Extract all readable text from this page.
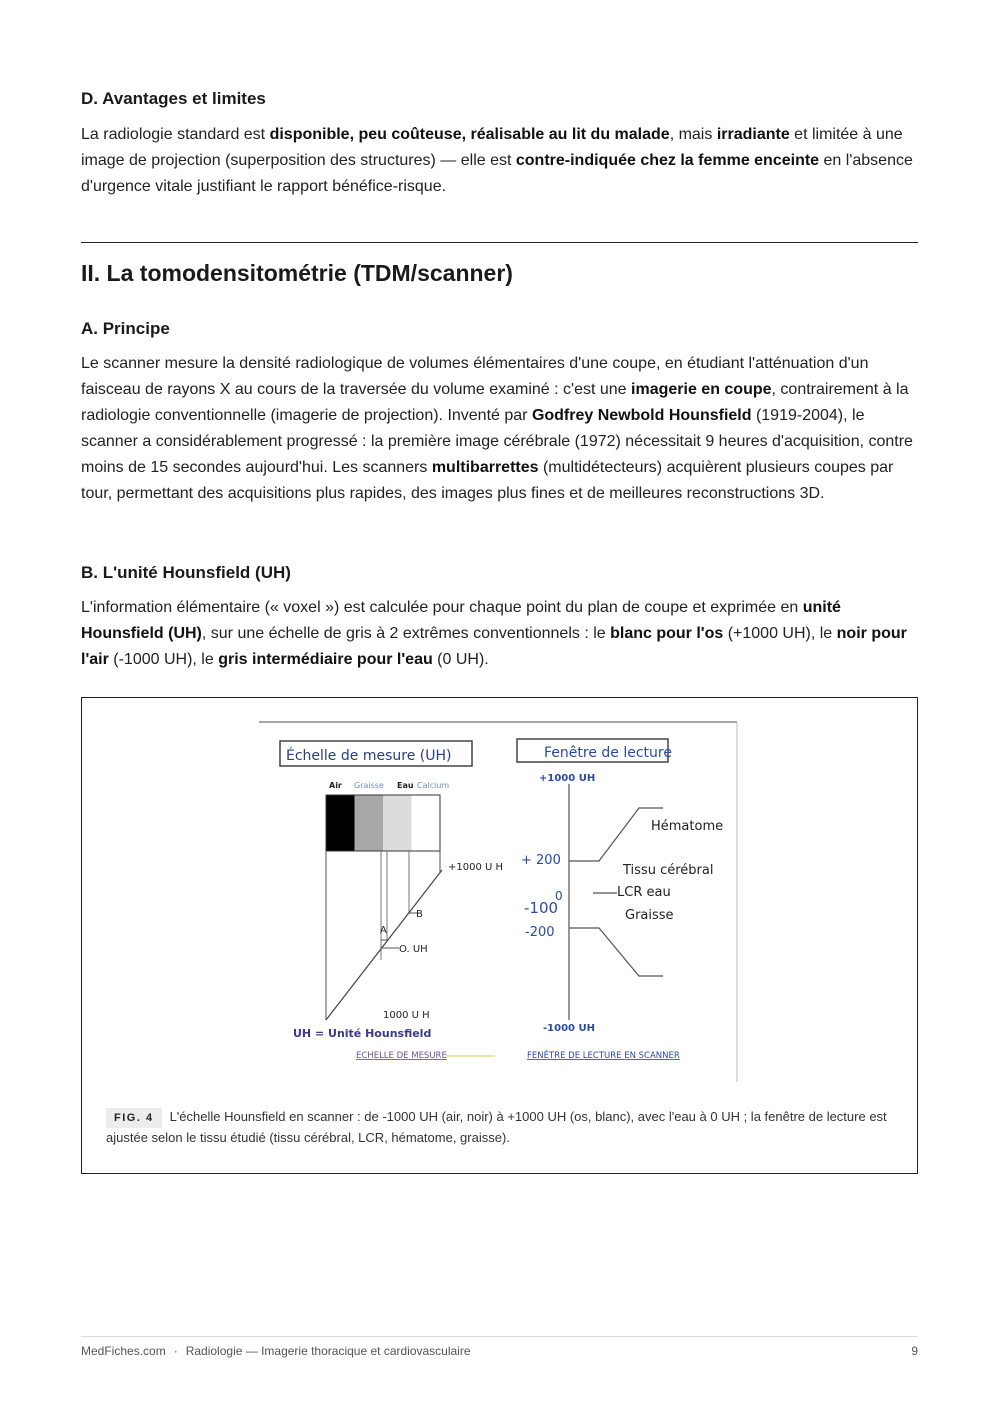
D. Avantages et limites

La radiologie standard est disponible, peu coûteuse, réalisable au lit du malade, mais irradiante et limitée à une image de projection (superposition des structures) — elle est contre-indiquée chez la femme enceinte en l'absence d'urgence vitale justifiant le rapport bénéfice-risque.

II. La tomodensitométrie (TDM/scanner)
A. Principe

Le scanner mesure la densité radiologique de volumes élémentaires d'une coupe, en étudiant l'atténuation d'un faisceau de rayons X au cours de la traversée du volume examiné : c'est une imagerie en coupe, contrairement à la radiologie conventionnelle (imagerie de projection). Inventé par Godfrey Newbold Hounsfield (1919-2004), le scanner a considérablement progressé : la première image cérébrale (1972) nécessitait 9 heures d'acquisition, contre moins de 15 secondes aujourd'hui. Les scanners multibarrettes (multidétecteurs) acquièrent plusieurs coupes par tour, permettant des acquisitions plus rapides, des images plus fines et de meilleures reconstructions 3D.

B. L'unité Hounsfield (UH)

L'information élémentaire (« voxel ») est calculée pour chaque point du plan de coupe et exprimée en unité Hounsfield (UH), sur une échelle de gris à 2 extrêmes conventionnels : le blanc pour l'os (+1000 UH), le noir pour l'air (-1000 UH), le gris intermédiaire pour l'eau (0 UH).

Échelle de mesure (UH)
Air Graisse Eau Calcium
+1000 U H
B
A
O. UH
1000 U H
UH = Unité Hounsfield
ECHELLE DE MESURE
Fenêtre de lecture
+1000 UH
+ 200
0
-100
-200
-1000 UH
Hématome
Tissu cérébral
LCR eau
Graisse
FENÊTRE DE LECTURE EN SCANNER
FIG. 4 L'échelle Hounsfield en scanner : de -1000 UH (air, noir) à +1000 UH (os, blanc), avec l'eau à 0 UH ; la fenêtre de lecture est ajustée selon le tissu étudié (tissu cérébral, LCR, hématome, graisse).
MedFiches.com · Radiologie — Imagerie thoracique et cardiovasculaire	9
